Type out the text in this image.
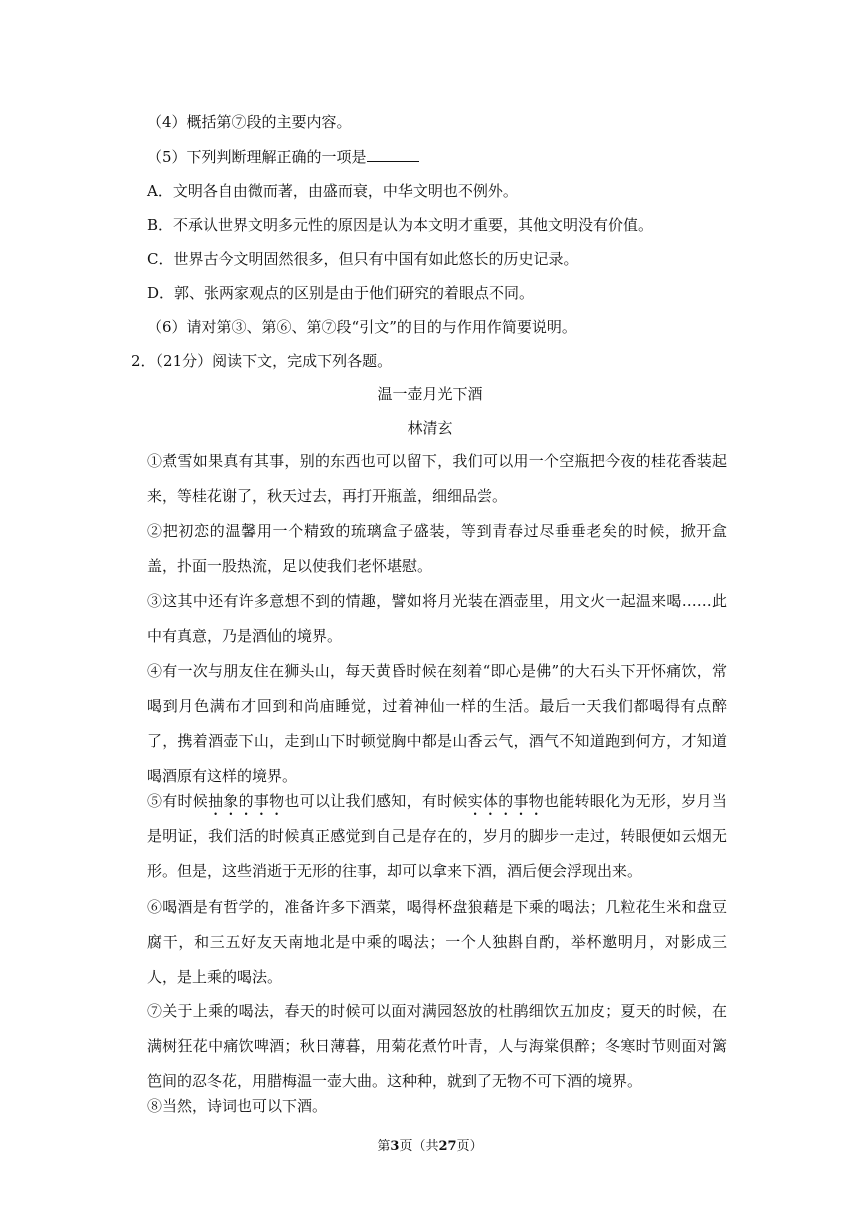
（4）概括第⑦段的主要内容。
（5）下列判断理解正确的一项是
A．文明各自由微而著，由盛而衰，中华文明也不例外。
B．不承认世界文明多元性的原因是认为本文明才重要，其他文明没有价值。
C．世界古今文明固然很多，但只有中国有如此悠长的历史记录。
D．郭、张两家观点的区别是由于他们研究的着眼点不同。
（6）请对第③、第⑥、第⑦段“引文”的目的与作用作简要说明。
2．（21分）阅读下文，完成下列各题。
温一壶月光下酒
林清玄
①煮雪如果真有其事，别的东西也可以留下，我们可以用一个空瓶把今夜的桂花香装起来，等桂花谢了，秋天过去，再打开瓶盖，细细品尝。
②把初恋的温馨用一个精致的琉璃盒子盛装，等到青春过尽垂垂老矣的时候，掀开盒盖，扑面一股热流，足以使我们老怀堪慰。
③这其中还有许多意想不到的情趣，譬如将月光装在酒壶里，用文火一起温来喝……此中有真意，乃是酒仙的境界。
④有一次与朋友住在狮头山，每天黄昏时候在刻着“即心是佛”的大石头下开怀痛饮，常喝到月色满布才回到和尚庙睡觉，过着神仙一样的生活。最后一天我们都喝得有点醉了，携着酒壶下山，走到山下时顿觉胸中都是山香云气，酒气不知道跑到何方，才知道喝酒原有这样的境界。
⑤有时候抽象的事物也可以让我们感知，有时候实体的事物也能转眼化为无形，岁月当是明证，我们活的时候真正感觉到自己是存在的，岁月的脚步一走过，转眼便如云烟无形。但是，这些消逝于无形的往事，却可以拿来下酒，酒后便会浮现出来。
⑥喝酒是有哲学的，准备许多下酒菜，喝得杯盘狼藉是下乘的喝法；几粒花生米和盘豆腐干，和三五好友天南地北是中乘的喝法；一个人独斟自酌，举杯邀明月，对影成三人，是上乘的喝法。
⑦关于上乘的喝法，春天的时候可以面对满园怒放的杜鹃细饮五加皮；夏天的时候，在满树狂花中痛饮啤酒；秋日薄暮，用菊花煮竹叶青，人与海棠俱醉；冬寒时节则面对篱笆间的忍冬花，用腊梅温一壶大曲。这种种，就到了无物不可下酒的境界。
⑧当然，诗词也可以下酒。
第3页（共27页）
